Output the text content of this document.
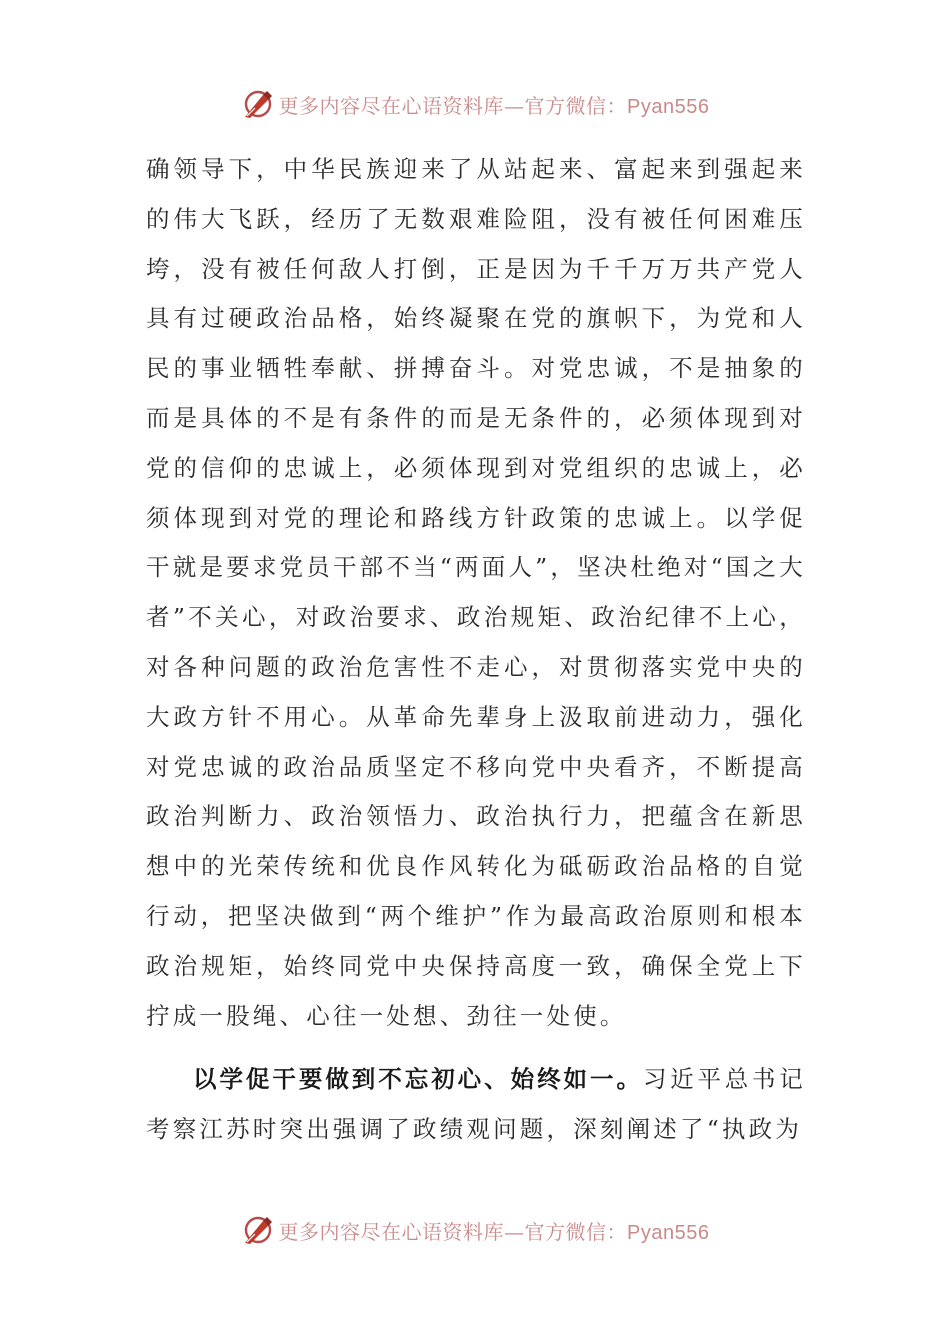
更多内容尽在心语资料库—官方微信：Pyan556

确领导下，中华民族迎来了从站起来、富起来到强起来的伟大飞跃，经历了无数艰难险阻，没有被任何困难压垮，没有被任何敌人打倒，正是因为千千万万共产党人具有过硬政治品格，始终凝聚在党的旗帜下，为党和人民的事业牺牲奉献、拼搏奋斗。对党忠诚，不是抽象的而是具体的不是有条件的而是无条件的，必须体现到对党的信仰的忠诚上，必须体现到对党组织的忠诚上，必须体现到对党的理论和路线方针政策的忠诚上。以学促干就是要求党员干部不当“两面人”，坚决杜绝对“国之大者”不关心，对政治要求、政治规矩、政治纪律不上心，对各种问题的政治危害性不走心，对贯彻落实党中央的大政方针不用心。从革命先辈身上汲取前进动力，强化对党忠诚的政治品质坚定不移向党中央看齐，不断提高政治判断力、政治领悟力、政治执行力，把蕴含在新思想中的光荣传统和优良作风转化为砥砺政治品格的自觉行动，把坚决做到“两个维护”作为最高政治原则和根本政治规矩，始终同党中央保持高度一致，确保全党上下拧成一股绳、心往一处想、劲往一处使。

以学促干要做到不忘初心、始终如一。习近平总书记考察江苏时突出强调了政绩观问题，深刻阐述了“执政为

更多内容尽在心语资料库—官方微信：Pyan556
